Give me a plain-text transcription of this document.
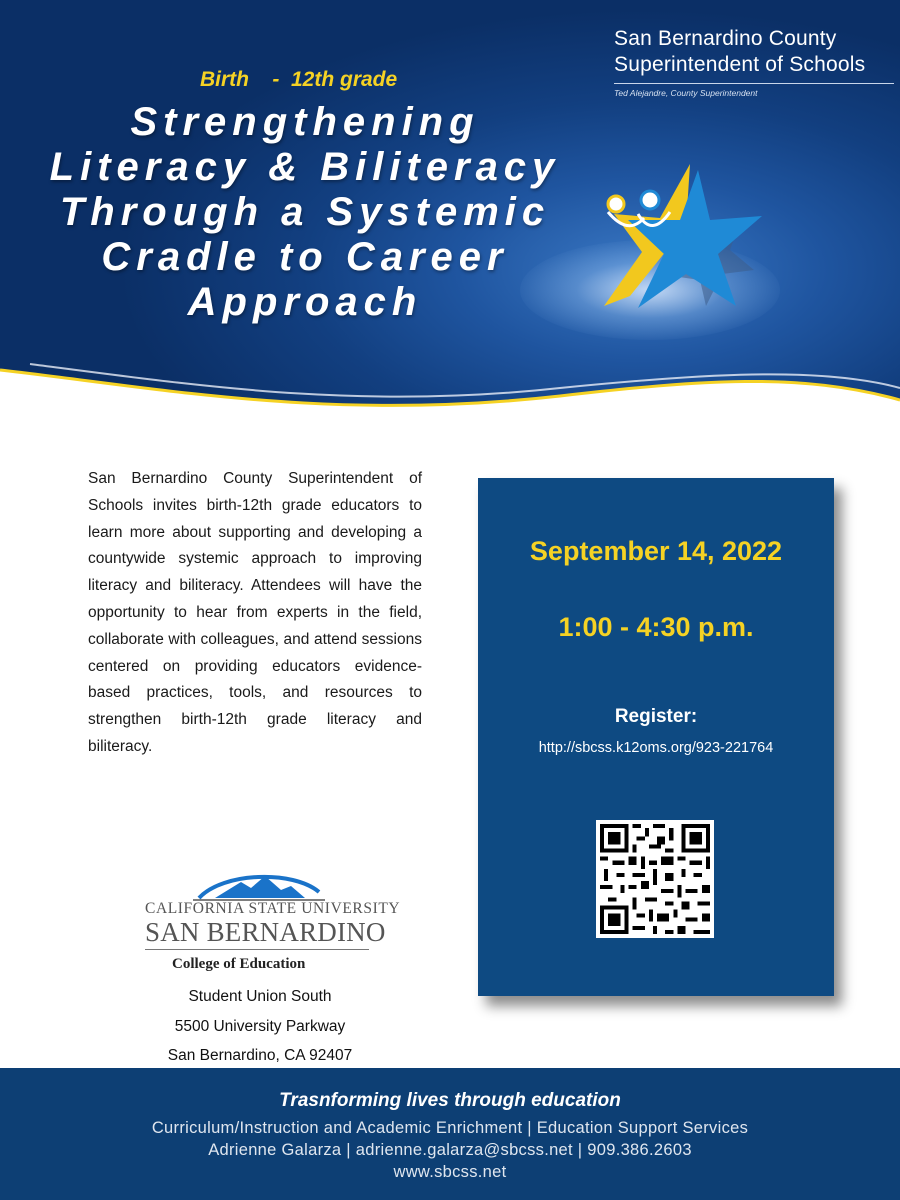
San Bernardino County
Superintendent of Schools
Ted Alejandre, County Superintendent
Birth    -  12th grade
Strengthening
Literacy & Biliteracy
Through a Systemic
Cradle to Career
Approach

San Bernardino County Superintendent of Schools invites birth-12th grade educators to learn more about supporting and developing a countywide systemic approach to improving literacy and biliteracy. Attendees will have the opportunity to hear from experts in the field, collaborate with colleagues, and attend sessions centered on providing educators evidence-based practices, tools, and resources to strengthen birth-12th grade literacy and biliteracy.

CALIFORNIA STATE UNIVERSITY
SAN BERNARDINO
College of Education
Student Union South
5500 University Parkway
San Bernardino, CA 92407
September 14, 2022
1:00 - 4:30 p.m.
Register:
http://sbcss.k12oms.org/923-221764
Trasnforming lives through education
Curriculum/Instruction and Academic Enrichment | Education Support Services
Adrienne Galarza | adrienne.galarza@sbcss.net | 909.386.2603
www.sbcss.net
